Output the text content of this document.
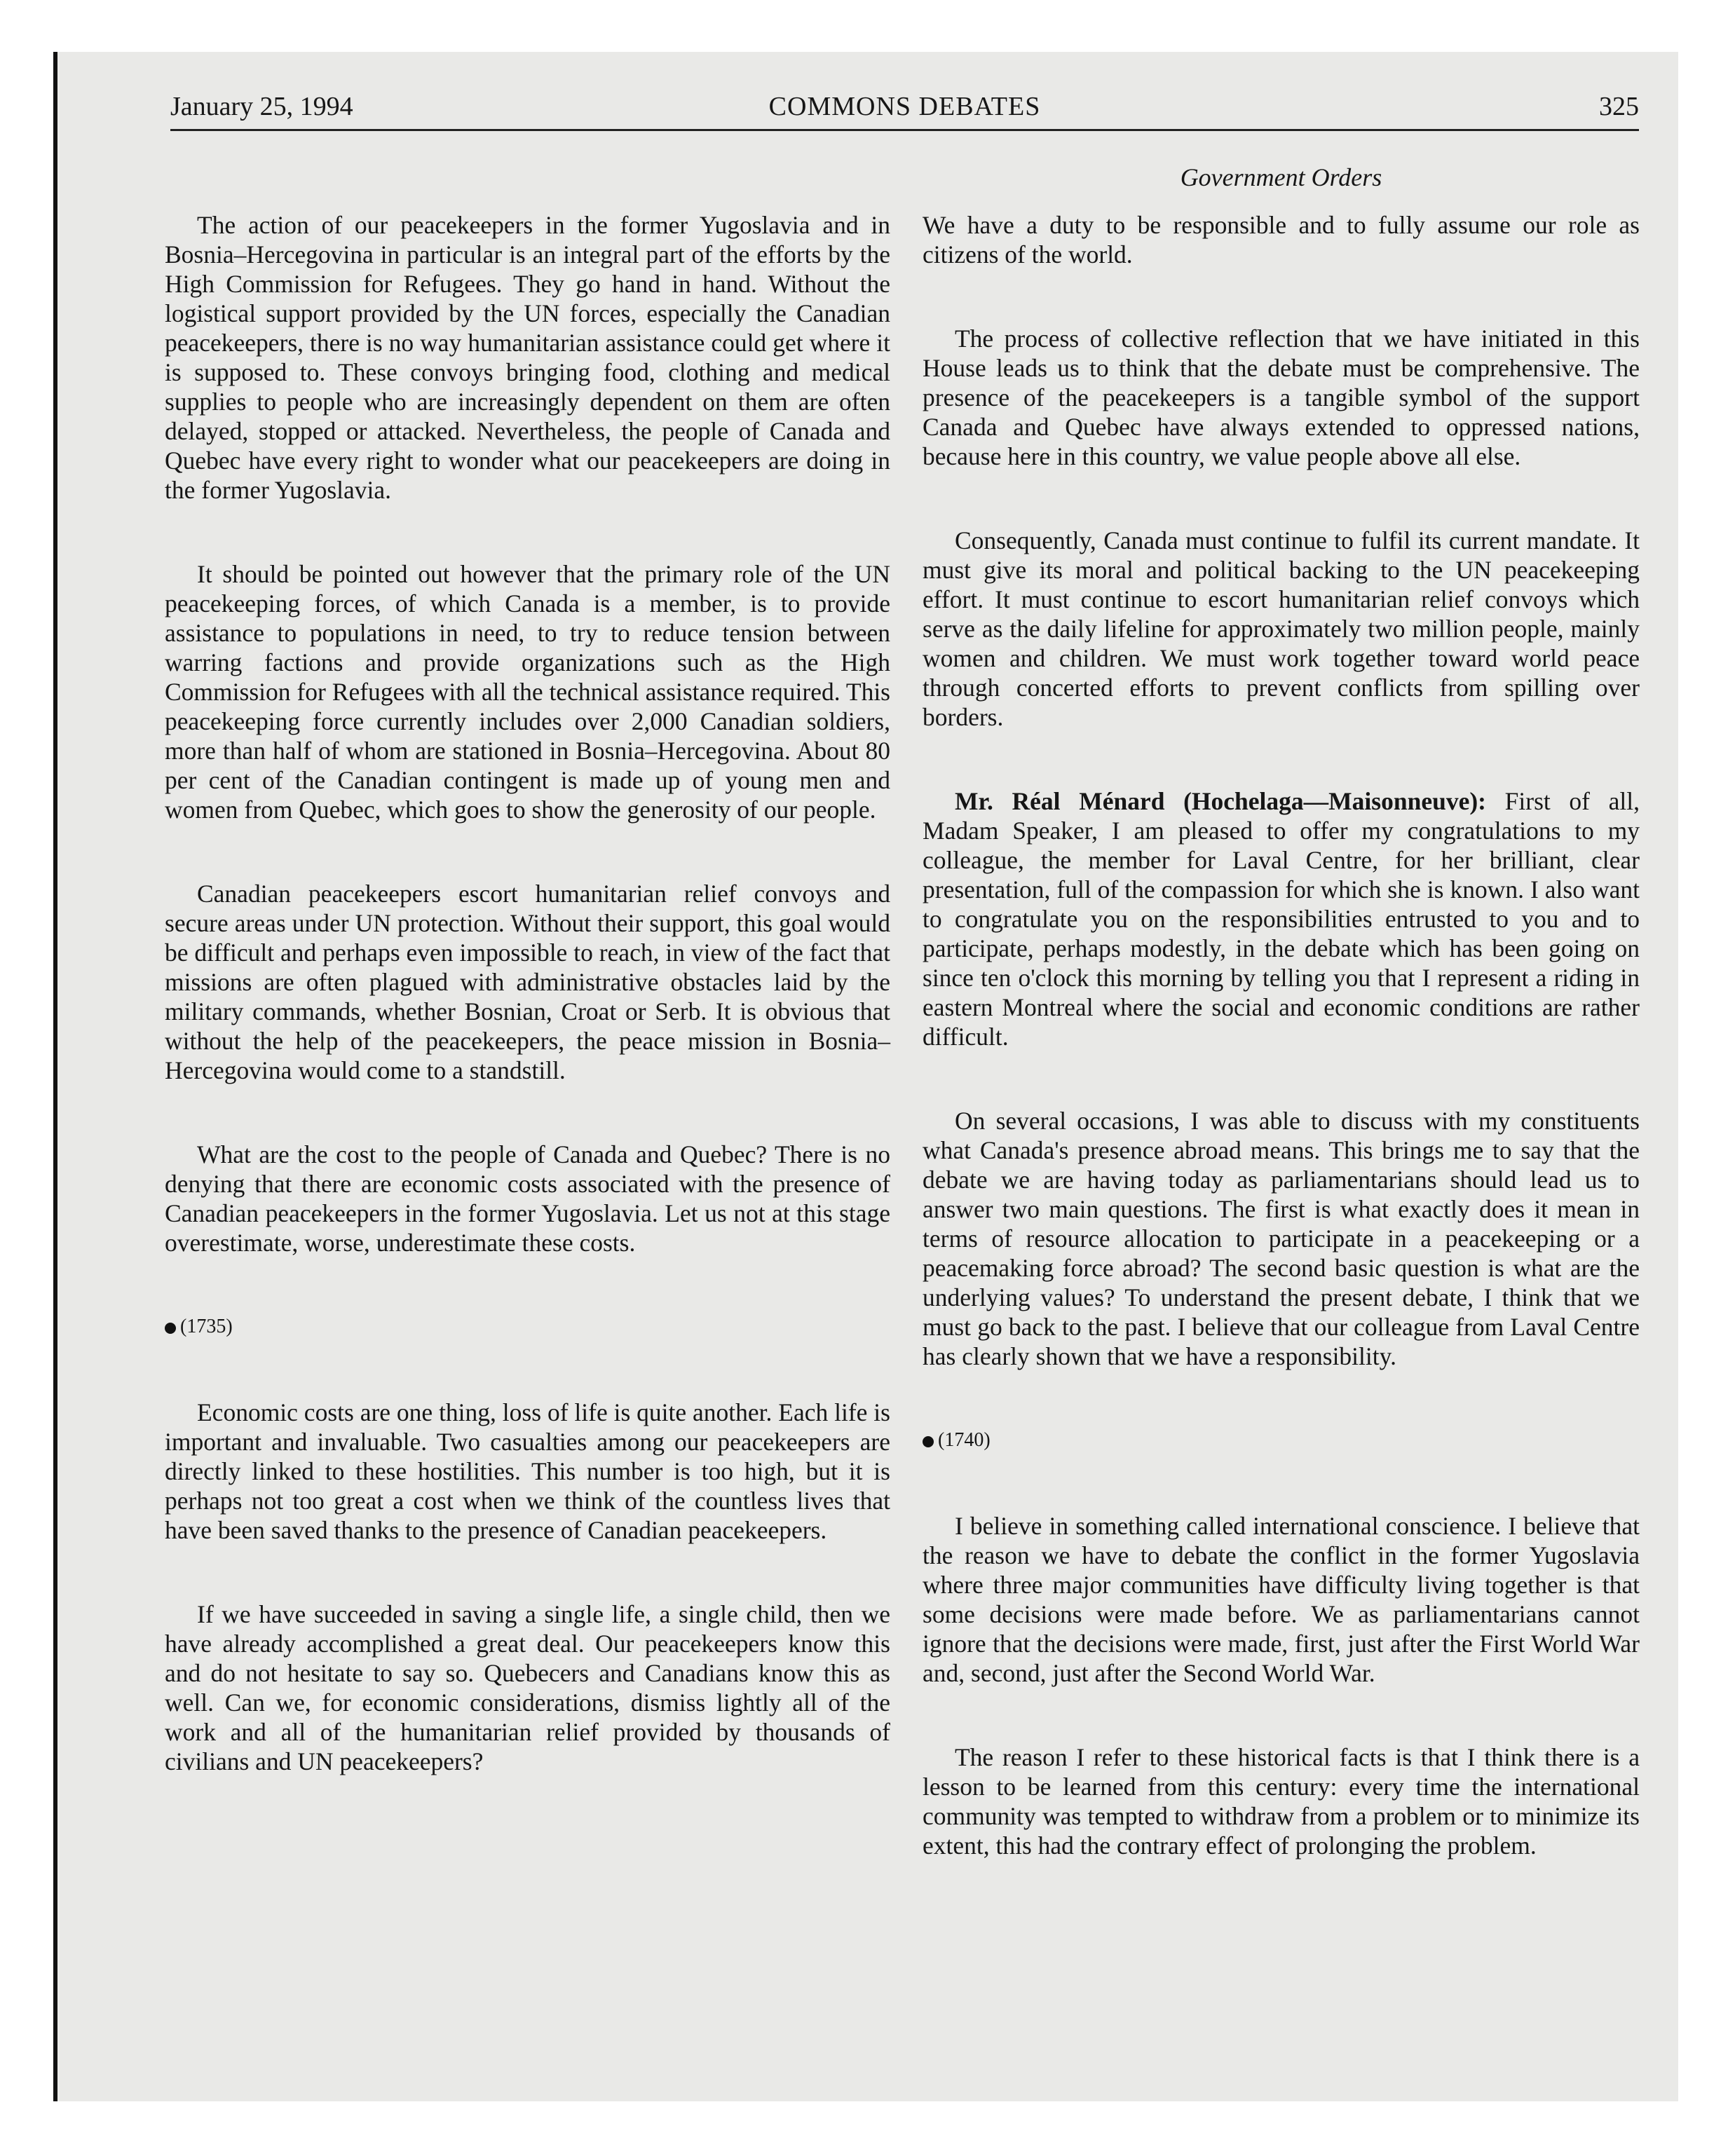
January 25, 1994	COMMONS DEBATES	325
Government Orders

The action of our peacekeepers in the former Yugoslavia and in Bosnia–Hercegovina in particular is an integral part of the efforts by the High Commission for Refugees. They go hand in hand. Without the logistical support provided by the UN forces, especially the Canadian peacekeepers, there is no way humanitarian assistance could get where it is supposed to. These convoys bringing food, clothing and medical supplies to people who are increasingly dependent on them are often delayed, stopped or attacked. Nevertheless, the people of Canada and Quebec have every right to wonder what our peacekeepers are doing in the former Yugoslavia.

It should be pointed out however that the primary role of the UN peacekeeping forces, of which Canada is a member, is to provide assistance to populations in need, to try to reduce tension between warring factions and provide organizations such as the High Commission for Refugees with all the technical assistance required. This peacekeeping force currently includes over 2,000 Canadian soldiers, more than half of whom are stationed in Bosnia–Hercegovina. About 80 per cent of the Canadian contingent is made up of young men and women from Quebec, which goes to show the generosity of our people.

Canadian peacekeepers escort humanitarian relief convoys and secure areas under UN protection. Without their support, this goal would be difficult and perhaps even impossible to reach, in view of the fact that missions are often plagued with administrative obstacles laid by the military commands, whether Bosnian, Croat or Serb. It is obvious that without the help of the peacekeepers, the peace mission in Bosnia–Hercegovina would come to a standstill.

What are the cost to the people of Canada and Quebec? There is no denying that there are economic costs associated with the presence of Canadian peacekeepers in the former Yugoslavia. Let us not at this stage overestimate, worse, underestimate these costs.

(1735)

Economic costs are one thing, loss of life is quite another. Each life is important and invaluable. Two casualties among our peacekeepers are directly linked to these hostilities. This number is too high, but it is perhaps not too great a cost when we think of the countless lives that have been saved thanks to the presence of Canadian peacekeepers.

If we have succeeded in saving a single life, a single child, then we have already accomplished a great deal. Our peacekeepers know this and do not hesitate to say so. Quebecers and Canadians know this as well. Can we, for economic considerations, dismiss lightly all of the work and all of the humanitarian relief provided by thousands of civilians and UN peacekeepers?

We have a duty to be responsible and to fully assume our role as citizens of the world.

The process of collective reflection that we have initiated in this House leads us to think that the debate must be comprehensive. The presence of the peacekeepers is a tangible symbol of the support Canada and Quebec have always extended to oppressed nations, because here in this country, we value people above all else.

Consequently, Canada must continue to fulfil its current mandate. It must give its moral and political backing to the UN peacekeeping effort. It must continue to escort humanitarian relief convoys which serve as the daily lifeline for approximately two million people, mainly women and children. We must work together toward world peace through concerted efforts to prevent conflicts from spilling over borders.

Mr. Réal Ménard (Hochelaga—Maisonneuve): First of all, Madam Speaker, I am pleased to offer my congratulations to my colleague, the member for Laval Centre, for her brilliant, clear presentation, full of the compassion for which she is known. I also want to congratulate you on the responsibilities entrusted to you and to participate, perhaps modestly, in the debate which has been going on since ten o'clock this morning by telling you that I represent a riding in eastern Montreal where the social and economic conditions are rather difficult.

On several occasions, I was able to discuss with my constituents what Canada's presence abroad means. This brings me to say that the debate we are having today as parliamentarians should lead us to answer two main questions. The first is what exactly does it mean in terms of resource allocation to participate in a peacekeeping or a peacemaking force abroad? The second basic question is what are the underlying values? To understand the present debate, I think that we must go back to the past. I believe that our colleague from Laval Centre has clearly shown that we have a responsibility.

(1740)

I believe in something called international conscience. I believe that the reason we have to debate the conflict in the former Yugoslavia where three major communities have difficulty living together is that some decisions were made before. We as parliamentarians cannot ignore that the decisions were made, first, just after the First World War and, second, just after the Second World War.

The reason I refer to these historical facts is that I think there is a lesson to be learned from this century: every time the international community was tempted to withdraw from a problem or to minimize its extent, this had the contrary effect of prolonging the problem.
